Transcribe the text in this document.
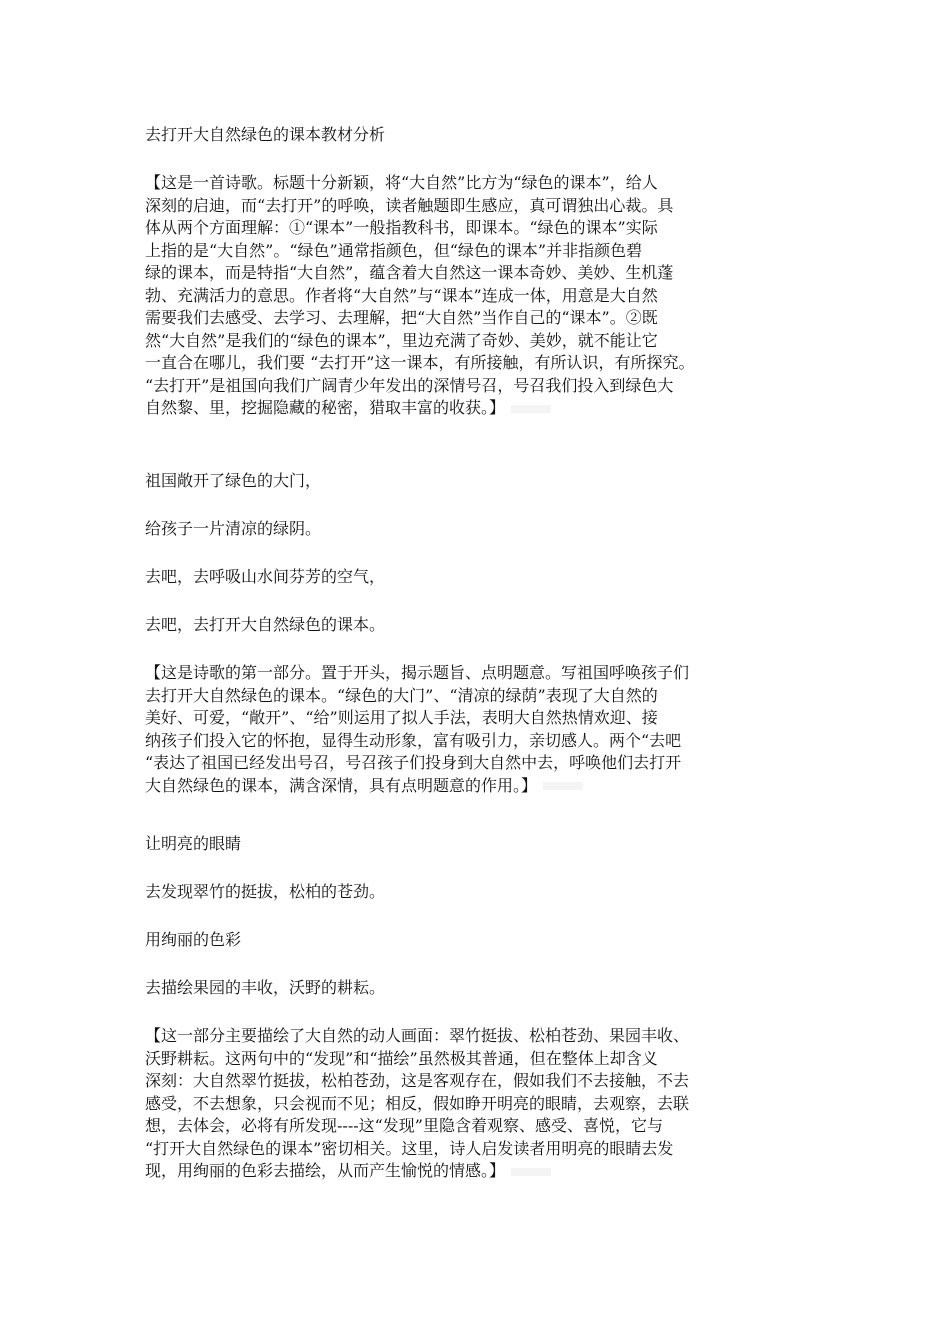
去打开大自然绿色的课本教材分析
【这是一首诗歌。标题十分新颖，将“大自然”比方为“绿色的课本”，给人
深刻的启迪，而“去打开”的呼唤，读者触题即生感应，真可谓独出心裁。具
体从两个方面理解：①“课本”一般指教科书，即课本。“绿色的课本”实际
上指的是“大自然”。“绿色”通常指颜色，但“绿色的课本”并非指颜色碧
绿的课本，而是特指“大自然”，蕴含着大自然这一课本奇妙、美妙、生机蓬
勃、充满活力的意思。作者将“大自然”与“课本”连成一体，用意是大自然
需要我们去感受、去学习、去理解，把“大自然”当作自己的“课本”。②既
然“大自然”是我们的“绿色的课本”，里边充满了奇妙、美妙，就不能让它
一直合在哪儿，我们要 “去打开”这一课本，有所接触，有所认识，有所探究。
“去打开”是祖国向我们广阔青少年发出的深情号召，号召我们投入到绿色大
自然黎、里，挖掘隐藏的秘密，猎取丰富的收获。】
祖国敞开了绿色的大门，
给孩子一片清凉的绿阴。
去吧，去呼吸山水间芬芳的空气，
去吧，去打开大自然绿色的课本。
【这是诗歌的第一部分。置于开头，揭示题旨、点明题意。写祖国呼唤孩子们
去打开大自然绿色的课本。“绿色的大门”、“清凉的绿荫”表现了大自然的
美好、可爱，“敞开”、“给”则运用了拟人手法，表明大自然热情欢迎、接
纳孩子们投入它的怀抱，显得生动形象，富有吸引力，亲切感人。两个“去吧
“表达了祖国已经发出号召，号召孩子们投身到大自然中去，呼唤他们去打开
大自然绿色的课本，满含深情，具有点明题意的作用。】
让明亮的眼睛
去发现翠竹的挺拔，松柏的苍劲。
用绚丽的色彩
去描绘果园的丰收，沃野的耕耘。
【这一部分主要描绘了大自然的动人画面：翠竹挺拔、松柏苍劲、果园丰收、
沃野耕耘。这两句中的“发现”和“描绘”虽然极其普通，但在整体上却含义
深刻：大自然翠竹挺拔，松柏苍劲，这是客观存在，假如我们不去接触，不去
感受，不去想象，只会视而不见；相反，假如睁开明亮的眼睛，去观察，去联
想，去体会，必将有所发现----这“发现”里隐含着观察、感受、喜悦，它与
“打开大自然绿色的课本”密切相关。这里，诗人启发读者用明亮的眼睛去发
现，用绚丽的色彩去描绘，从而产生愉悦的情感。】
